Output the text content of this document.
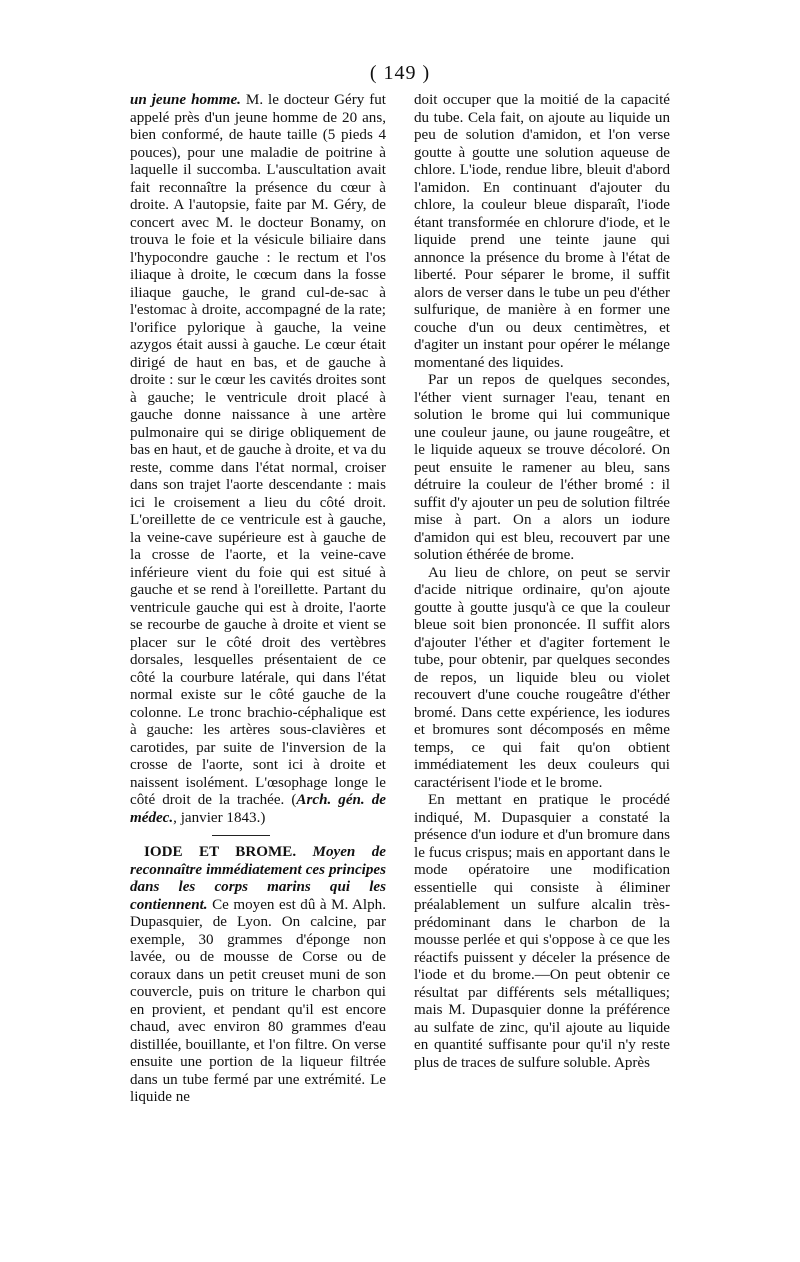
( 149 )

un jeune homme. M. le docteur Géry fut appelé près d'un jeune homme de 20 ans, bien conformé, de haute taille (5 pieds 4 pouces), pour une maladie de poitrine à laquelle il succomba. L'auscultation avait fait reconnaître la présence du cœur à droite. A l'autopsie, faite par M. Géry, de concert avec M. le docteur Bonamy, on trouva le foie et la vésicule biliaire dans l'hypocondre gauche : le rectum et l'os iliaque à droite, le cœcum dans la fosse iliaque gauche, le grand cul-de-sac à l'estomac à droite, accompagné de la rate; l'orifice pylorique à gauche, la veine azygos était aussi à gauche. Le cœur était dirigé de haut en bas, et de gauche à droite : sur le cœur les cavités droites sont à gauche; le ventricule droit placé à gauche donne naissance à une artère pulmonaire qui se dirige obliquement de bas en haut, et de gauche à droite, et va du reste, comme dans l'état normal, croiser dans son trajet l'aorte descendante : mais ici le croisement a lieu du côté droit. L'oreillette de ce ventricule est à gauche, la veine-cave supérieure est à gauche de la crosse de l'aorte, et la veine-cave inférieure vient du foie qui est situé à gauche et se rend à l'oreillette. Partant du ventricule gauche qui est à droite, l'aorte se recourbe de gauche à droite et vient se placer sur le côté droit des vertèbres dorsales, lesquelles présentaient de ce côté la courbure latérale, qui dans l'état normal existe sur le côté gauche de la colonne. Le tronc brachio-céphalique est à gauche: les artères sous-clavières et carotides, par suite de l'inversion de la crosse de l'aorte, sont ici à droite et naissent isolément. L'œsophage longe le côté droit de la trachée. (Arch. gén. de médec., janvier 1843.)

IODE ET BROME. Moyen de reconnaître immédiatement ces principes dans les corps marins qui les contiennent. Ce moyen est dû à M. Alph. Dupasquier, de Lyon. On calcine, par exemple, 30 grammes d'éponge non lavée, ou de mousse de Corse ou de coraux dans un petit creuset muni de son couvercle, puis on triture le charbon qui en provient, et pendant qu'il est encore chaud, avec environ 80 grammes d'eau distillée, bouillante, et l'on filtre. On verse ensuite une portion de la liqueur filtrée dans un tube fermé par une extrémité. Le liquide ne

doit occuper que la moitié de la capacité du tube. Cela fait, on ajoute au liquide un peu de solution d'amidon, et l'on verse goutte à goutte une solution aqueuse de chlore. L'iode, rendue libre, bleuit d'abord l'amidon. En continuant d'ajouter du chlore, la couleur bleue disparaît, l'iode étant transformée en chlorure d'iode, et le liquide prend une teinte jaune qui annonce la présence du brome à l'état de liberté. Pour séparer le brome, il suffit alors de verser dans le tube un peu d'éther sulfurique, de manière à en former une couche d'un ou deux centimètres, et d'agiter un instant pour opérer le mélange momentané des liquides.

Par un repos de quelques secondes, l'éther vient surnager l'eau, tenant en solution le brome qui lui communique une couleur jaune, ou jaune rougeâtre, et le liquide aqueux se trouve décoloré. On peut ensuite le ramener au bleu, sans détruire la couleur de l'éther bromé : il suffit d'y ajouter un peu de solution filtrée mise à part. On a alors un iodure d'amidon qui est bleu, recouvert par une solution éthérée de brome.

Au lieu de chlore, on peut se servir d'acide nitrique ordinaire, qu'on ajoute goutte à goutte jusqu'à ce que la couleur bleue soit bien prononcée. Il suffit alors d'ajouter l'éther et d'agiter fortement le tube, pour obtenir, par quelques secondes de repos, un liquide bleu ou violet recouvert d'une couche rougeâtre d'éther bromé. Dans cette expérience, les iodures et bromures sont décomposés en même temps, ce qui fait qu'on obtient immédiatement les deux couleurs qui caractérisent l'iode et le brome.

En mettant en pratique le procédé indiqué, M. Dupasquier a constaté la présence d'un iodure et d'un bromure dans le fucus crispus; mais en apportant dans le mode opératoire une modification essentielle qui consiste à éliminer préalablement un sulfure alcalin très-prédominant dans le charbon de la mousse perlée et qui s'oppose à ce que les réactifs puissent y déceler la présence de l'iode et du brome.—On peut obtenir ce résultat par différents sels métalliques; mais M. Dupasquier donne la préférence au sulfate de zinc, qu'il ajoute au liquide en quantité suffisante pour qu'il n'y reste plus de traces de sulfure soluble. Après
